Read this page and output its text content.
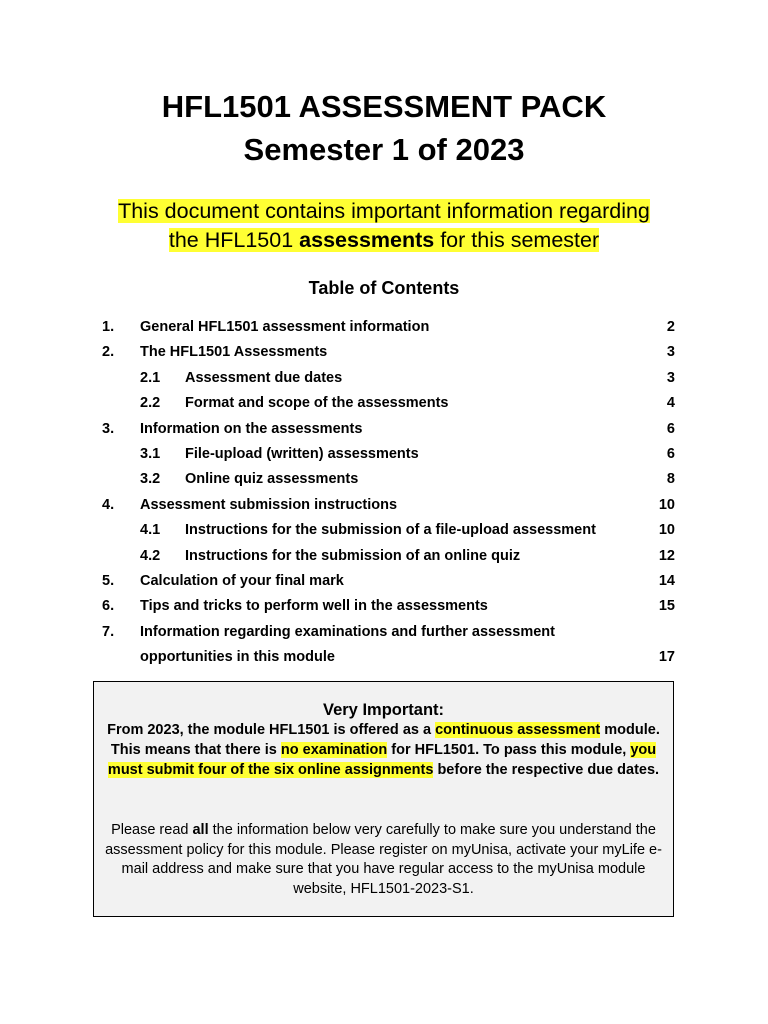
HFL1501 ASSESSMENT PACK
Semester 1 of 2023
This document contains important information regarding
the HFL1501 assessments for this semester
Table of Contents
1. General HFL1501 assessment information	2
2. The HFL1501 Assessments	3
2.1 Assessment due dates	3
2.2 Format and scope of the assessments	4
3. Information on the assessments	6
3.1 File-upload (written) assessments	6
3.2 Online quiz assessments	8
4. Assessment submission instructions	10
4.1 Instructions for the submission of a file-upload assessment	10
4.2 Instructions for the submission of an online quiz	12
5. Calculation of your final mark	14
6. Tips and tricks to perform well in the assessments	15
7. Information regarding examinations and further assessment
opportunities in this module	17
Very Important:
From 2023, the module HFL1501 is offered as a continuous assessment module. This means that there is no examination for HFL1501. To pass this module, you must submit four of the six online assignments before the respective due dates.
Please read all the information below very carefully to make sure you understand the assessment policy for this module. Please register on myUnisa, activate your myLife e-mail address and make sure that you have regular access to the myUnisa module website, HFL1501-2023-S1.
